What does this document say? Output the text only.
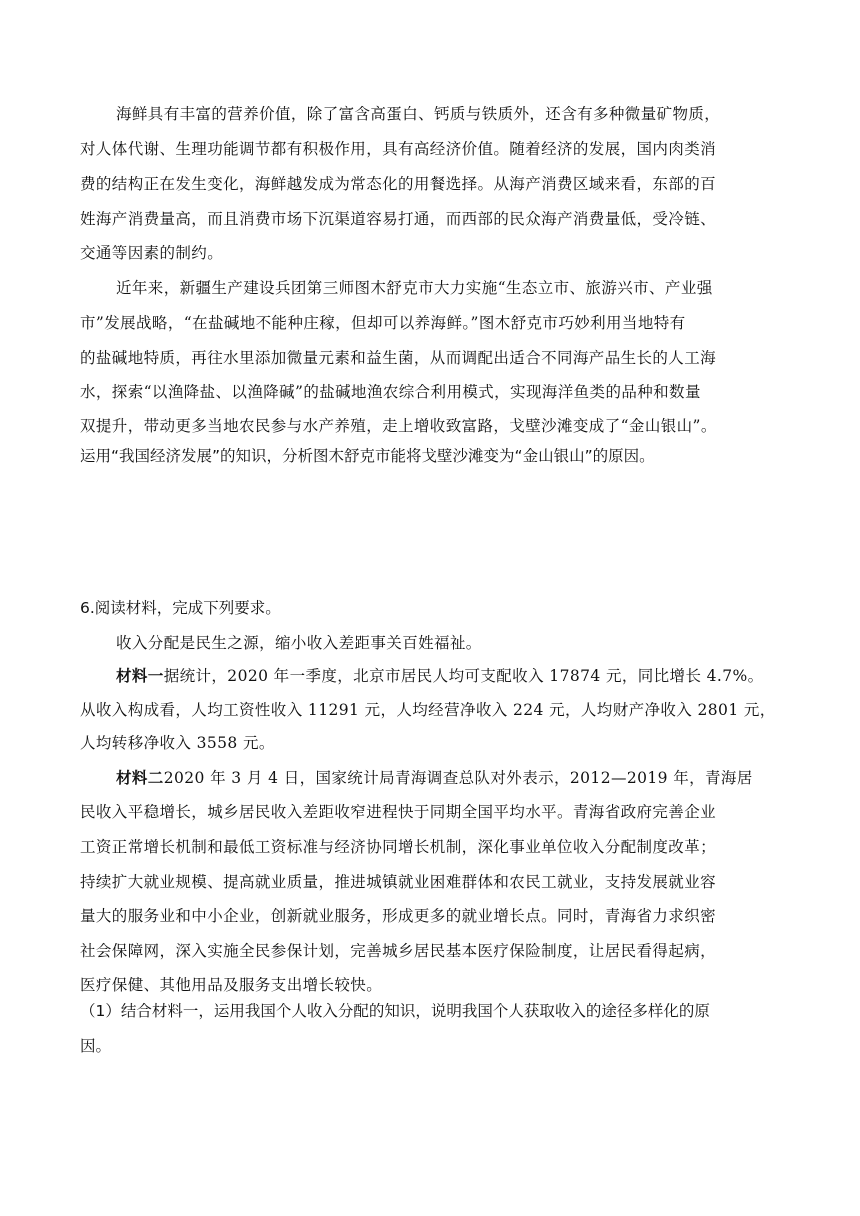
海鲜具有丰富的营养价值，除了富含高蛋白、钙质与铁质外，还含有多种微量矿物质，
对人体代谢、生理功能调节都有积极作用，具有高经济价值。随着经济的发展，国内肉类消
费的结构正在发生变化，海鲜越发成为常态化的用餐选择。从海产消费区域来看，东部的百
姓海产消费量高，而且消费市场下沉渠道容易打通，而西部的民众海产消费量低，受冷链、
交通等因素的制约。
近年来，新疆生产建设兵团第三师图木舒克市大力实施“生态立市、旅游兴市、产业强
市”发展战略，“在盐碱地不能种庄稼，但却可以养海鲜。”图木舒克市巧妙利用当地特有
的盐碱地特质，再往水里添加微量元素和益生菌，从而调配出适合不同海产品生长的人工海
水，探索“以渔降盐、以渔降碱”的盐碱地渔农综合利用模式，实现海洋鱼类的品种和数量
双提升，带动更多当地农民参与水产养殖，走上增收致富路，戈壁沙滩变成了“金山银山”。
运用“我国经济发展”的知识，分析图木舒克市能将戈壁沙滩变为“金山银山”的原因。
6.阅读材料，完成下列要求。
收入分配是民生之源，缩小收入差距事关百姓福祉。
材料一据统计，2020 年一季度，北京市居民人均可支配收入 17874 元，同比增长 4.7%。
从收入构成看，人均工资性收入 11291 元，人均经营净收入 224 元，人均财产净收入 2801 元，
人均转移净收入 3558 元。
材料二2020 年 3 月 4 日，国家统计局青海调查总队对外表示，2012—2019 年，青海居
民收入平稳增长，城乡居民收入差距收窄进程快于同期全国平均水平。青海省政府完善企业
工资正常增长机制和最低工资标准与经济协同增长机制，深化事业单位收入分配制度改革；
持续扩大就业规模、提高就业质量，推进城镇就业困难群体和农民工就业，支持发展就业容
量大的服务业和中小企业，创新就业服务，形成更多的就业增长点。同时，青海省力求织密
社会保障网，深入实施全民参保计划，完善城乡居民基本医疗保险制度，让居民看得起病，
医疗保健、其他用品及服务支出增长较快。
（1）结合材料一，运用我国个人收入分配的知识，说明我国个人获取收入的途径多样化的原
因。
